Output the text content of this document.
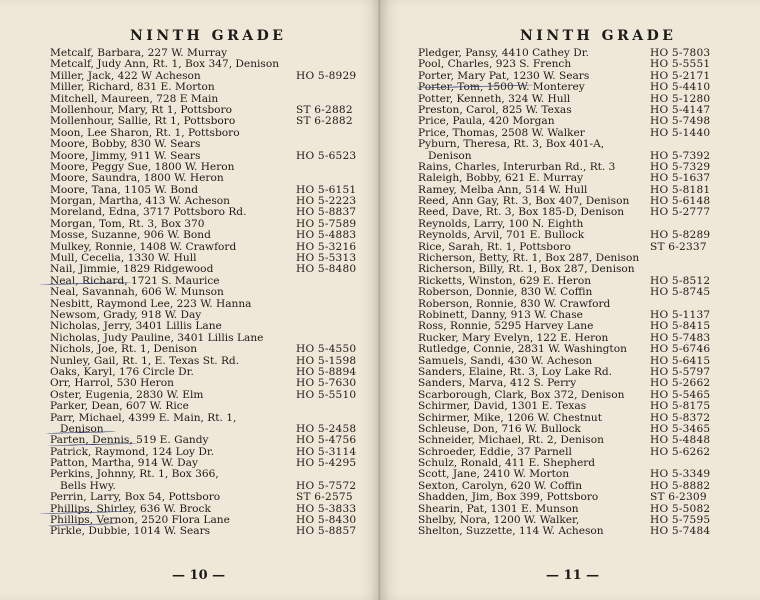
NINTH GRADE
Metcalf, Barbara, 227 W. Murray
Metcalf, Judy Ann, Rt. 1, Box 347, Denison
Miller, Jack, 422 W Acheson	HO 5-8929
Miller, Richard, 831 E. Morton
Mitchell, Maureen, 728 E Main
Mollenhour, Mary, Rt 1, Pottsboro	ST 6-2882
Mollenhour, Sallie, Rt 1, Pottsboro	ST 6-2882
Moon, Lee Sharon, Rt. 1, Pottsboro
Moore, Bobby, 830 W. Sears
Moore, Jimmy, 911 W. Sears	HO 5-6523
Moore, Peggy Sue, 1800 W. Heron
Moore, Saundra, 1800 W. Heron
Moore, Tana, 1105 W. Bond	HO 5-6151
Morgan, Martha, 413 W. Acheson	HO 5-2223
Moreland, Edna, 3717 Pottsboro Rd.	HO 5-8837
Morgan, Tom, Rt. 3, Box 370	HO 5-7589
Mosse, Suzanne, 906 W. Bond	HO 5-4883
Mulkey, Ronnie, 1408 W. Crawford	HO 5-3216
Mull, Cecelia, 1330 W. Hull	HO 5-5313
Nail, Jimmie, 1829 Ridgewood	HO 5-8480
Neal, Richard, 1721 S. Maurice
Neal, Savannah, 606 W. Munson
Nesbitt, Raymond Lee, 223 W. Hanna
Newsom, Grady, 918 W. Day
Nicholas, Jerry, 3401 Lillis Lane
Nicholas, Judy Pauline, 3401 Lillis Lane
Nichols, Joe, Rt. 1, Denison	HO 5-4550
Nunley, Gail, Rt. 1, E. Texas St. Rd.	HO 5-1598
Oaks, Karyl, 176 Circle Dr.	HO 5-8894
Orr, Harrol, 530 Heron	HO 5-7630
Oster, Eugenia, 2830 W. Elm	HO 5-5510
Parker, Dean, 607 W. Rice
Parr, Michael, 4399 E. Main, Rt. 1,
Denison	HO 5-2458
Parten, Dennis, 519 E. Gandy	HO 5-4756
Patrick, Raymond, 124 Loy Dr.	HO 5-3114
Patton, Martha, 914 W. Day	HO 5-4295
Perkins, Johnny, Rt. 1, Box 366,
Bells Hwy.	HO 5-7572
Perrin, Larry, Box 54, Pottsboro	ST 6-2575
Phillips, Shirley, 636 W. Brock	HO 5-3833
Phillips, Vernon, 2520 Flora Lane	HO 5-8430
Pirkle, Dubbie, 1014 W. Sears	HO 5-8857
— 10 —
NINTH GRADE
Pledger, Pansy, 4410 Cathey Dr.	HO 5-7803
Pool, Charles, 923 S. French	HO 5-5551
Porter, Mary Pat, 1230 W. Sears	HO 5-2171
Porter, Tom, 1500 W. Monterey	HO 5-4410
Potter, Kenneth, 324 W. Hull	HO 5-1280
Preston, Carol, 825 W. Texas	HO 5-4147
Price, Paula, 420 Morgan	HO 5-7498
Price, Thomas, 2508 W. Walker	HO 5-1440
Pyburn, Theresa, Rt. 3, Box 401-A,
Denison	HO 5-7392
Rains, Charles, Interurban Rd., Rt. 3	HO 5-7329
Raleigh, Bobby, 621 E. Murray	HO 5-1637
Ramey, Melba Ann, 514 W. Hull	HO 5-8181
Reed, Ann Gay, Rt. 3, Box 407, Denison HO 5-6148
Reed, Dave, Rt. 3, Box 185-D, Denison HO 5-2777
Reynolds, Larry, 100 N. Eighth
Reynolds, Arvil, 701 E. Bullock	HO 5-8289
Rice, Sarah, Rt. 1, Pottsboro	ST 6-2337
Richerson, Betty, Rt. 1, Box 287, Denison
Richerson, Billy, Rt. 1, Box 287, Denison
Ricketts, Winston, 629 E. Heron	HO 5-8512
Roberson, Donnie, 830 W. Coffin	HO 5-8745
Roberson, Ronnie, 830 W. Crawford
Robinett, Danny, 913 W. Chase	HO 5-1137
Ross, Ronnie, 5295 Harvey Lane	HO 5-8415
Rucker, Mary Evelyn, 122 E. Heron	HO 5-7483
Rutledge, Connie, 2831 W. Washington HO 5-6746
Samuels, Sandi, 430 W. Acheson	HO 5-6415
Sanders, Elaine, Rt. 3, Loy Lake Rd.	HO 5-5797
Sanders, Marva, 412 S. Perry	HO 5-2662
Scarborough, Clark, Box 372, Denison HO 5-5465
Schirmer, David, 1301 E. Texas	HO 5-8175
Schirmer, Mike, 1206 W. Chestnut	HO 5-8372
Schleuse, Don, 716 W. Bullock	HO 5-3465
Schneider, Michael, Rt. 2, Denison	HO 5-4848
Schroeder, Eddie, 37 Parnell	HO 5-6262
Schulz, Ronald, 411 E. Shepherd
Scott, Jane, 2410 W. Morton	HO 5-3349
Sexton, Carolyn, 620 W. Coffin	HO 5-8882
Shadden, Jim, Box 399, Pottsboro	ST 6-2309
Shearin, Pat, 1301 E. Munson	HO 5-5082
Shelby, Nora, 1200 W. Walker,	HO 5-7595
Shelton, Suzzette, 114 W. Acheson	HO 5-7484
— 11 —
